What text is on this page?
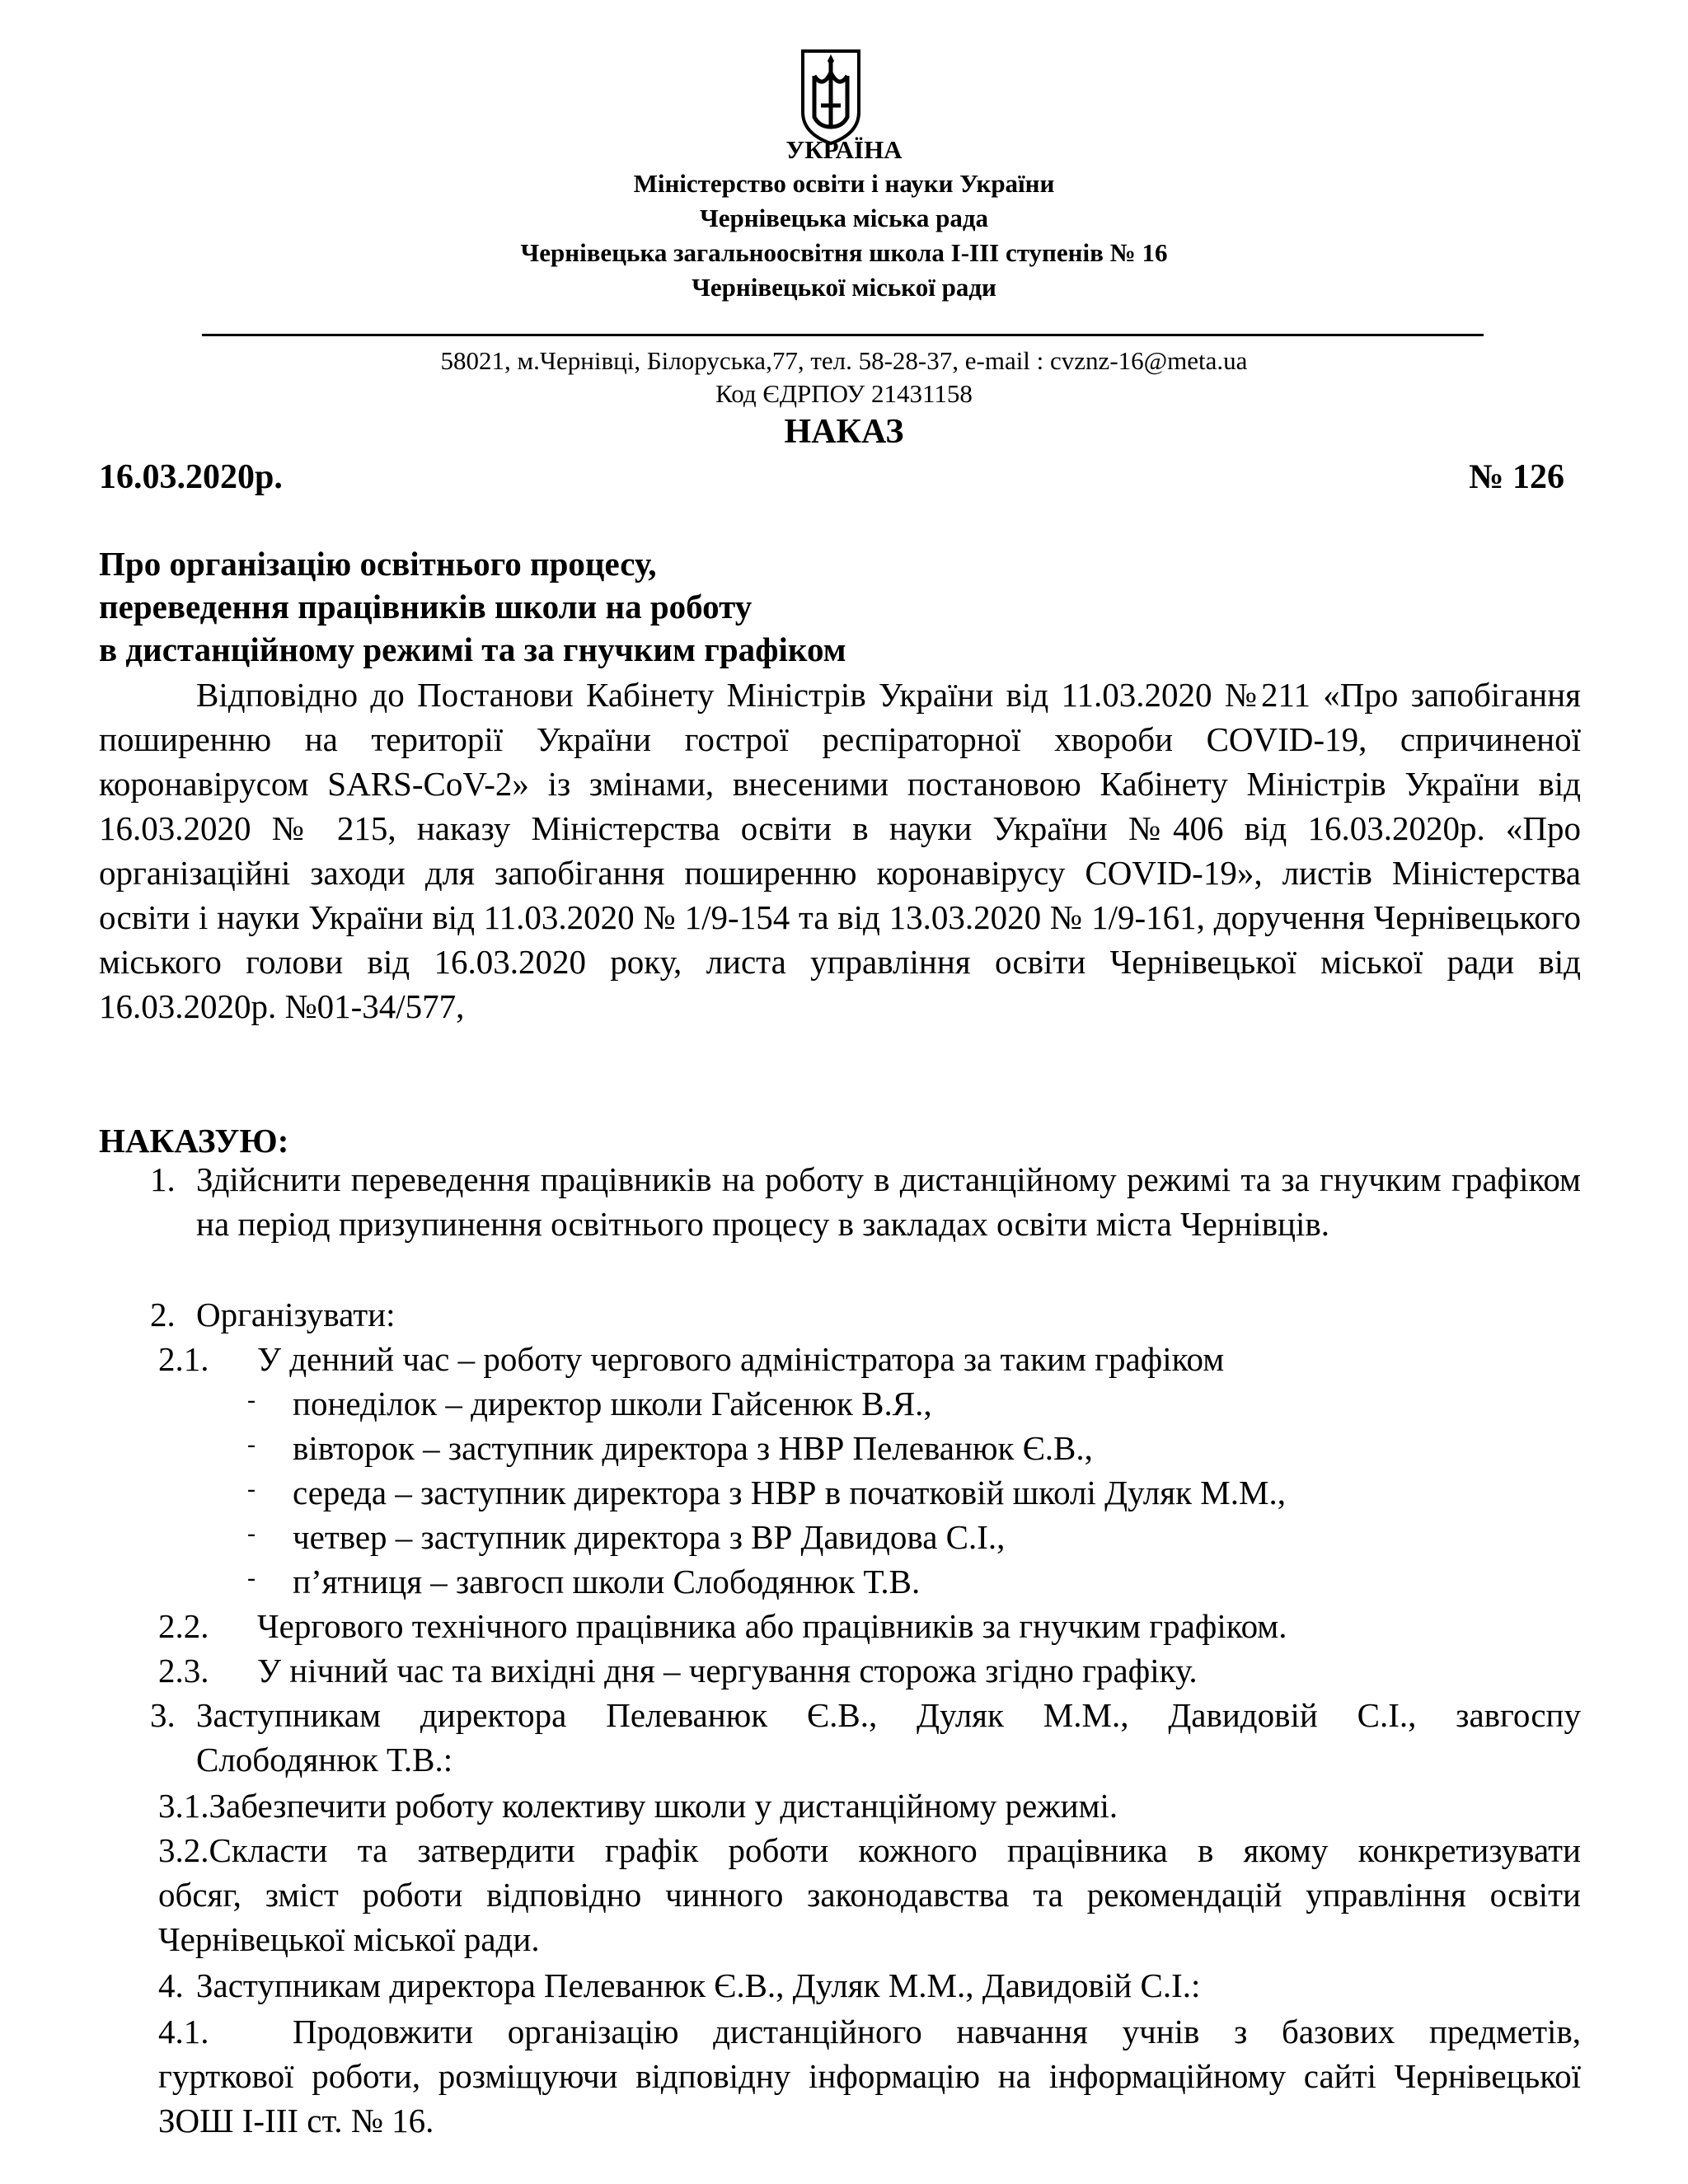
УКРАЇНА
Міністерство освіти і науки України
Чернівецька міська рада
Чернівецька загальноосвітня школа І-ІІІ ступенів № 16
Чернівецької міської ради
58021, м.Чернівці, Білоруська,77, тел. 58-28-37, e-mail : cvznz-16@meta.ua
Код ЄДРПОУ 21431158
НАКАЗ
16.03.2020р.	№ 126
Про організацію освітнього процесу,
переведення працівників школи на роботу
в дистанційному режимі та за гнучким графіком
Відповідно до Постанови Кабінету Міністрів України від 11.03.2020 №211 «Про запобігання поширенню на території України гострої респіраторної хвороби COVID-19, спричиненої коронавірусом SARS-CoV-2» із змінами, внесеними постановою Кабінету Міністрів України від 16.03.2020 № 215, наказу Міністерства освіти в науки України №406 від 16.03.2020р. «Про організаційні заходи для запобігання поширенню коронавірусу COVID-19», листів Міністерства освіти і науки України від 11.03.2020 № 1/9-154 та від 13.03.2020 № 1/9-161, доручення Чернівецького міського голови від 16.03.2020 року, листа управління освіти Чернівецької міської ради від 16.03.2020р. №01-34/577,
НАКАЗУЮ:
1. Здійснити переведення працівників на роботу в дистанційному режимі та за гнучким графіком на період призупинення освітнього процесу в закладах освіти міста Чернівців.
2. Організувати:
2.1. У денний час – роботу чергового адміністратора за таким графіком
- понеділок – директор школи Гайсенюк В.Я.,
- вівторок – заступник директора з НВР Пелеванюк Є.В.,
- середа – заступник директора з НВР в початковій школі Дуляк М.М.,
- четвер – заступник директора з ВР Давидова С.І.,
- п’ятниця – завгосп школи Слободянюк Т.В.
2.2. Чергового технічного працівника або працівників за гнучким графіком.
2.3. У нічний час та вихідні дня – чергування сторожа згідно графіку.
3. Заступникам директора Пелеванюк Є.В., Дуляк М.М., Давидовій С.І., завгоспу
Слободянюк Т.В.:
3.1.Забезпечити роботу колективу школи у дистанційному режимі.
3.2.Скласти та затвердити графік роботи кожного працівника в якому конкретизувати
обсяг, зміст роботи відповідно чинного законодавства та рекомендацій управління освіти Чернівецької міської ради.
4. Заступникам директора Пелеванюк Є.В., Дуляк М.М., Давидовій С.І.:
4.1. Продовжити організацію дистанційного навчання учнів з базових предметів,
гурткової роботи, розміщуючи відповідну інформацію на інформаційному сайті Чернівецької ЗОШ І-ІІІ ст. № 16.
